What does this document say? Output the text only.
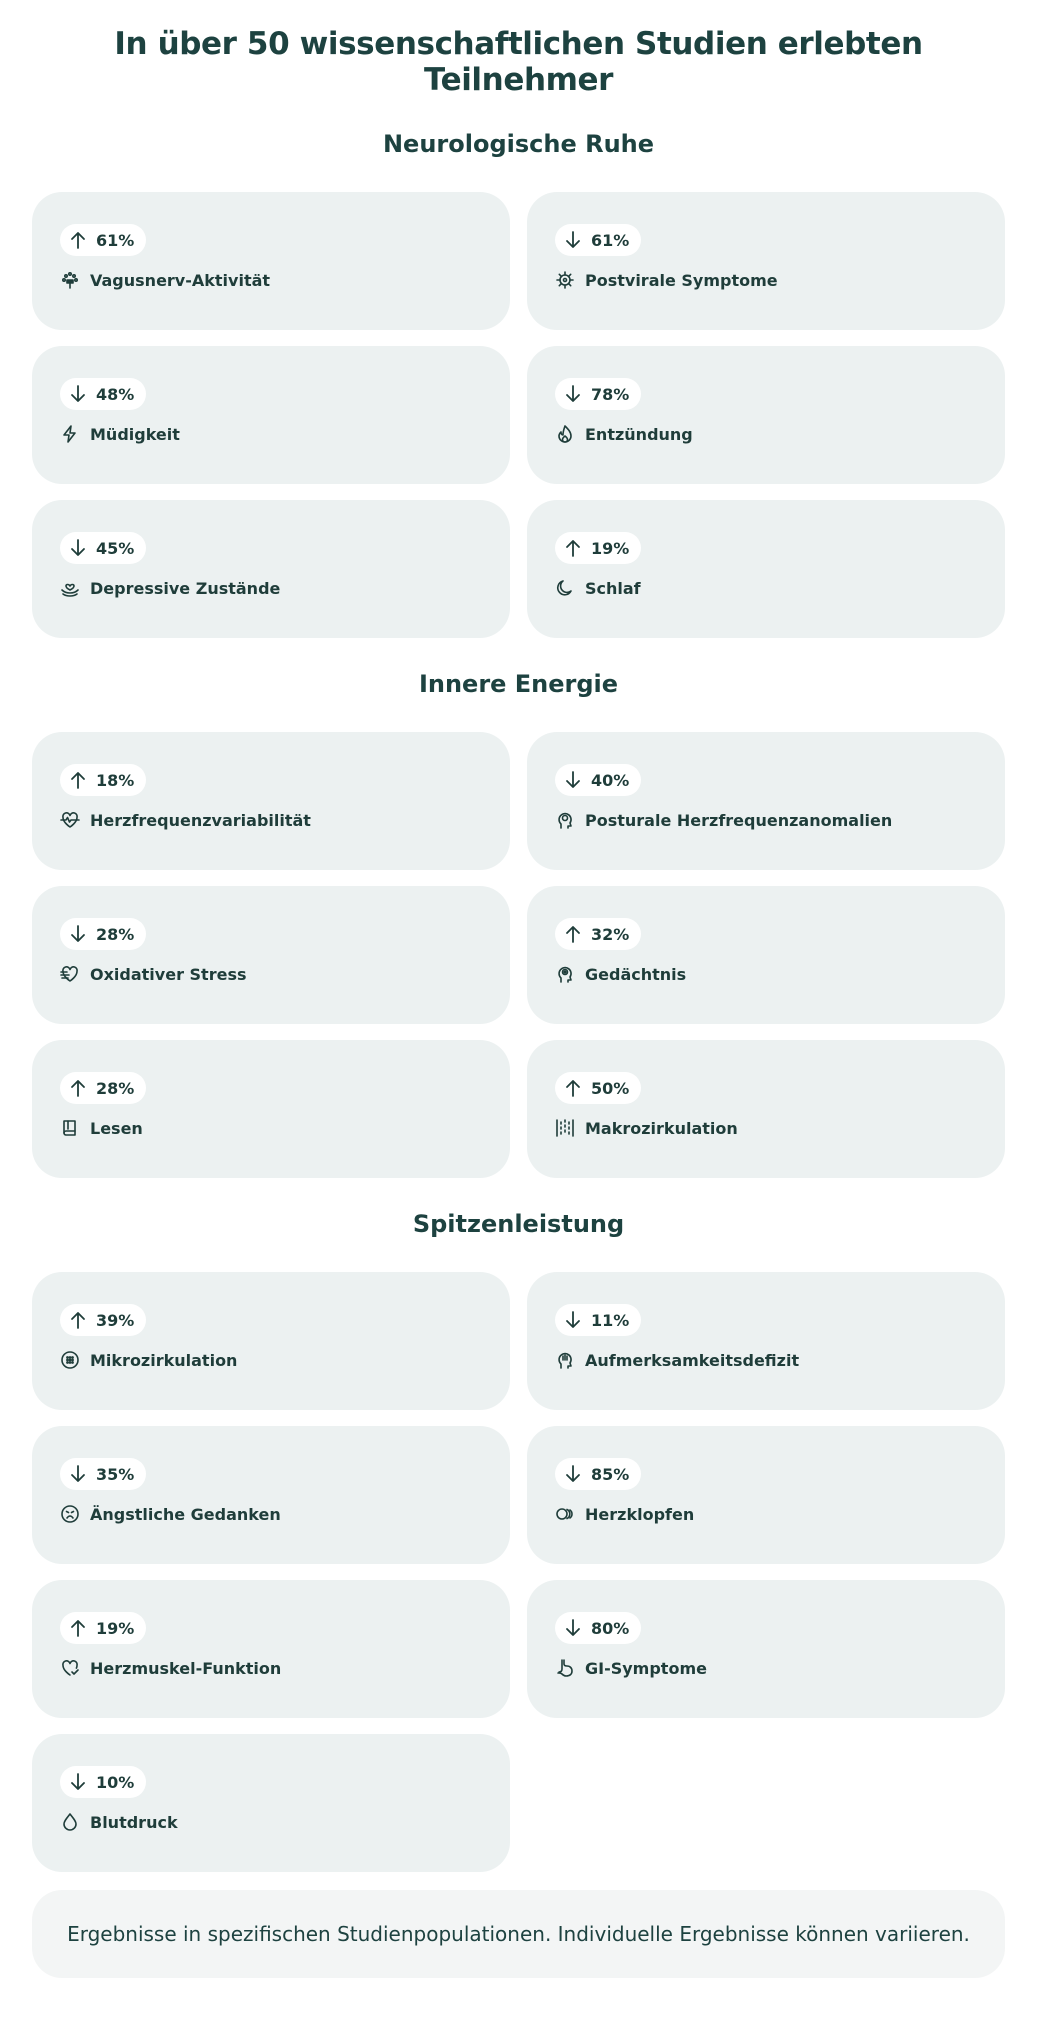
In über 50 wissenschaftlichen Studien erlebten Teilnehmer
Neurologische Ruhe
61%
Vagusnerv-Aktivität
61%
Postvirale Symptome
48%
Müdigkeit
78%
Entzündung
45%
Depressive Zustände
19%
Schlaf
Innere Energie
18%
Herzfrequenzvariabilität
40%
Posturale Herzfrequenzanomalien
28%
Oxidativer Stress
32%
Gedächtnis
28%
Lesen
50%
Makrozirkulation
Spitzenleistung
39%
Mikrozirkulation
11%
Aufmerksamkeitsdefizit
35%
Ängstliche Gedanken
85%
Herzklopfen
19%
Herzmuskel-Funktion
80%
GI-Symptome
10%
Blutdruck
Ergebnisse in spezifischen Studienpopulationen. Individuelle Ergebnisse können variieren.
